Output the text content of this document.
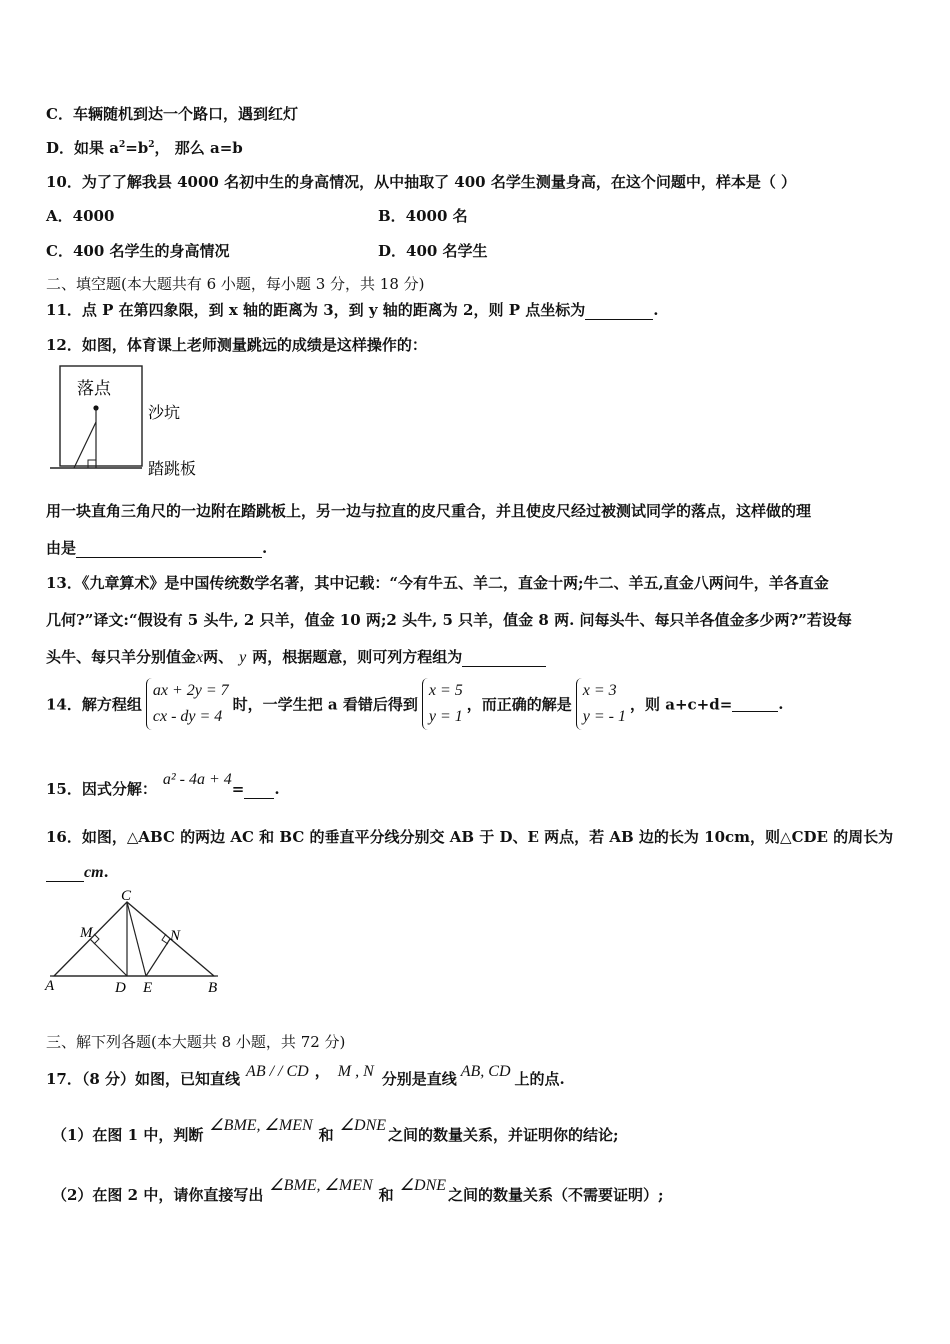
C．车辆随机到达一个路口，遇到红灯
D．如果 $a^2=b^2$， 那么 a=b
10．为了了解我县 4000 名初中生的身高情况，从中抽取了 400 名学生测量身高，在这个问题中，样本是（ ）
A．4000	B．4000 名
C．400 名学生的身高情况	D．400 名学生
二、填空题(本大题共有 6 小题，每小题 3 分，共 18 分)
11．点 P 在第四象限，到 x 轴的距离为 3，到 y 轴的距离为 2，则 P 点坐标为	.
12．如图，体育课上老师测量跳远的成绩是这样操作的：
落点
沙坑
踏跳板
用一块直角三角尺的一边附在踏跳板上，另一边与拉直的皮尺重合，并且使皮尺经过被测试同学的落点，这样做的理
由是	.
13．《九章算术》是中国传统数学名著，其中记载：“今有牛五、羊二，直金十两;牛二、羊五,直金八两问牛，羊各直金
几何?”译文:“假设有 5 头牛, 2 只羊，值金 10 两;2 头牛, 5 只羊，值金 8 两. 问每头牛、每只羊各值金多少两?”若设每
头牛、每只羊分别值金x两、 y 两，根据题意，则可列方程组为
14．解方程组
ax + 2y = 7
cx - dy = 4
时，一学生把 a 看错后得到
x = 5
y = 1
，而正确的解是
x = 3
y = - 1
，则 a+c+d=	.
15．因式分解：a² - 4a + 4= .
16．如图，△ABC 的两边 AC 和 BC 的垂直平分线分别交 AB 于 D、E 两点，若 AB 边的长为 10cm，则△CDE 的周长为
cm.
C
M	N
A	D E	B
三、解下列各题(本大题共 8 小题，共 72 分)
17．（8 分）如图，已知直线 AB / / CD ， M , N 分别是直线 AB, CD 上的点.
（1）在图 1 中，判断∠BME, ∠MEN和∠DNE之间的数量关系，并证明你的结论;
（2）在图 2 中，请你直接写出∠BME, ∠MEN和∠DNE之间的数量关系（不需要证明）;
